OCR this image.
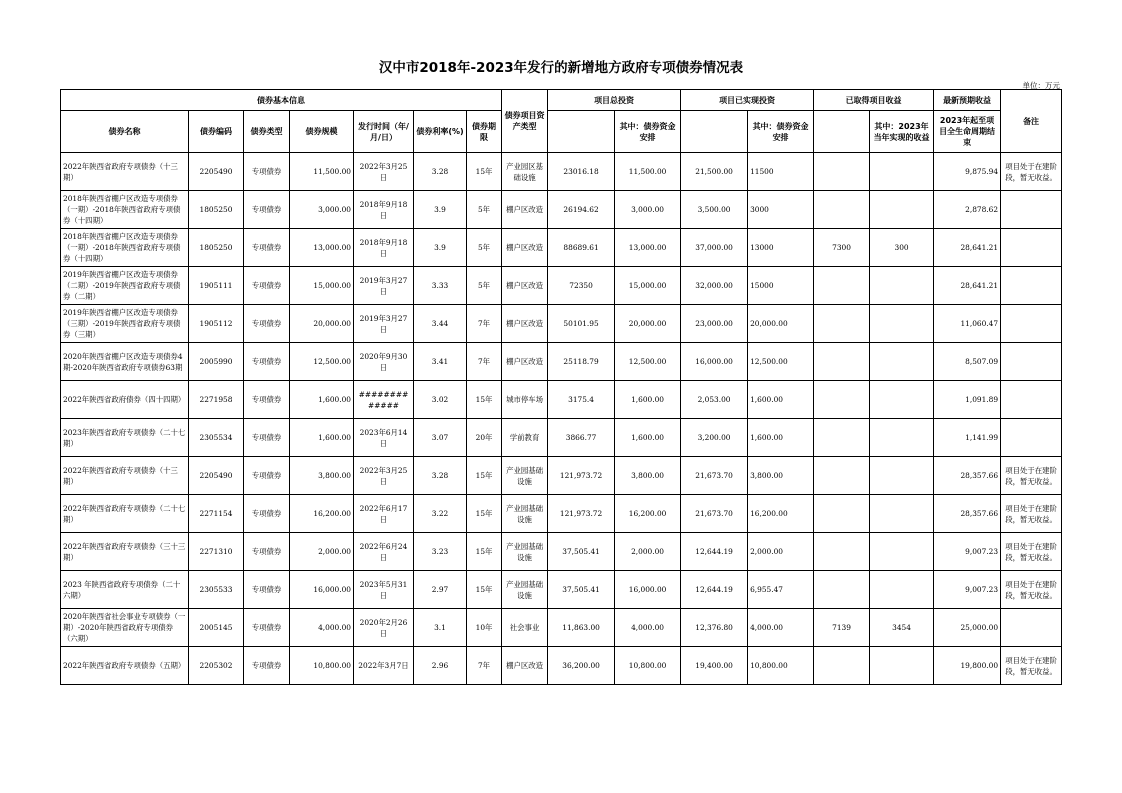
汉中市2018年-2023年发行的新增地方政府专项债券情况表
单位：万元
债券基本信息							债券项目资产类型	项目总投资		项目已实现投资		已取得项目收益		最新预期收益	备注
债券名称	债券编码	债券类型	债券规模	发行时间（年/月/日）	债券利率(%)	债券期限									
									其中：债券资金安排		其中：债券资金安排		其中：2023年当年实现的收益	2023年起至项目全生命周期结束	
2022年陕西省政府专项债券（十三期）	2205490	专项债券	11,500.00	2022年3月25日	3.28	15年	产业园区基础设施	23016.18	11,500.00	21,500.00	11500			9,875.94	项目处于在建阶段，暂无收益。
2018年陕西省棚户区改造专项债券（一期）-2018年陕西省政府专项债券（十四期）	1805250	专项债券	3,000.00	2018年9月18日	3.9	5年	棚户区改造	26194.62	3,000.00	3,500.00	3000			2,878.62	
2018年陕西省棚户区改造专项债券（一期）-2018年陕西省政府专项债券（十四期）	1805250	专项债券	13,000.00	2018年9月18日	3.9	5年	棚户区改造	88689.61	13,000.00	37,000.00	13000	7300	300	28,641.21	
2019年陕西省棚户区改造专项债券（二期）-2019年陕西省政府专项债券（二期）	1905111	专项债券	15,000.00	2019年3月27日	3.33	5年	棚户区改造	72350	15,000.00	32,000.00	15000			28,641.21	
2019年陕西省棚户区改造专项债券（三期）-2019年陕西省政府专项债券（三期）	1905112	专项债券	20,000.00	2019年3月27日	3.44	7年	棚户区改造	50101.95	20,000.00	23,000.00	20,000.00			11,060.47	
2020年陕西省棚户区改造专项债券4期-2020年陕西省政府专项债券63期	2005990	专项债券	12,500.00	2020年9月30日	3.41	7年	棚户区改造	25118.79	12,500.00	16,000.00	12,500.00			8,507.09	
2022年陕西省政府债券（四十四期）	2271958	专项债券	1,600.00	#############	3.02	15年	城市停车场	3175.4	1,600.00	2,053.00	1,600.00			1,091.89	
2023年陕西省政府专项债券（二十七期）	2305534	专项债券	1,600.00	2023年6月14日	3.07	20年	学前教育	3866.77	1,600.00	3,200.00	1,600.00			1,141.99	
2022年陕西省政府专项债券（十三期）	2205490	专项债券	3,800.00	2022年3月25日	3.28	15年	产业园基础设施	121,973.72	3,800.00	21,673.70	3,800.00			28,357.66	项目处于在建阶段，暂无收益。
2022年陕西省政府专项债券（二十七期）	2271154	专项债券	16,200.00	2022年6月17日	3.22	15年	产业园基础设施	121,973.72	16,200.00	21,673.70	16,200.00			28,357.66	项目处于在建阶段，暂无收益。
2022年陕西省政府专项债券（三十三期）	2271310	专项债券	2,000.00	2022年6月24日	3.23	15年	产业园基础设施	37,505.41	2,000.00	12,644.19	2,000.00			9,007.23	项目处于在建阶段，暂无收益。
2023 年陕西省政府专项债券（二十六期）	2305533	专项债券	16,000.00	2023年5月31日	2.97	15年	产业园基础设施	37,505.41	16,000.00	12,644.19	6,955.47			9,007.23	项目处于在建阶段，暂无收益。
2020年陕西省社会事业专项债券（一期）-2020年陕西省政府专项债券（六期）	2005145	专项债券	4,000.00	2020年2月26日	3.1	10年	社会事业	11,863.00	4,000.00	12,376.80	4,000.00	7139	3454	25,000.00	
2022年陕西省政府专项债券（五期）	2205302	专项债券	10,800.00	2022年3月7日	2.96	7年	棚户区改造	36,200.00	10,800.00	19,400.00	10,800.00			19,800.00	项目处于在建阶段，暂无收益。
